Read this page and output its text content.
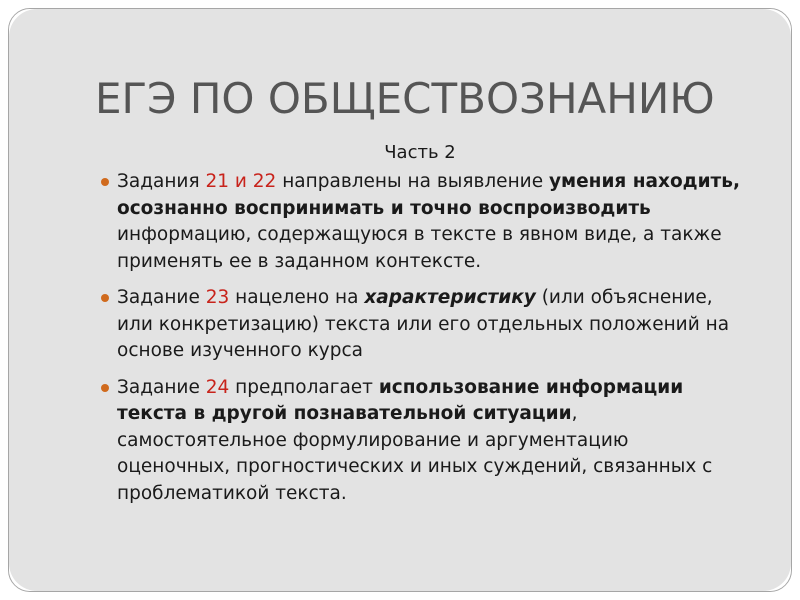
ЕГЭ ПО ОБЩЕСТВОЗНАНИЮ
Часть 2
Задания 21 и 22 направлены на выявление умения находить, осознанно воспринимать и точно воспроизводить информацию, содержащуюся в тексте в явном виде, а также применять ее в заданном контексте.
Задание 23 нацелено на характеристику (или объяснение, или конкретизацию) текста или его отдельных положений на основе изученного курса
Задание 24 предполагает использование информации текста в другой познавательной ситуации, самостоятельное формулирование и аргументацию оценочных, прогностических и иных суждений, связанных с проблематикой текста.
